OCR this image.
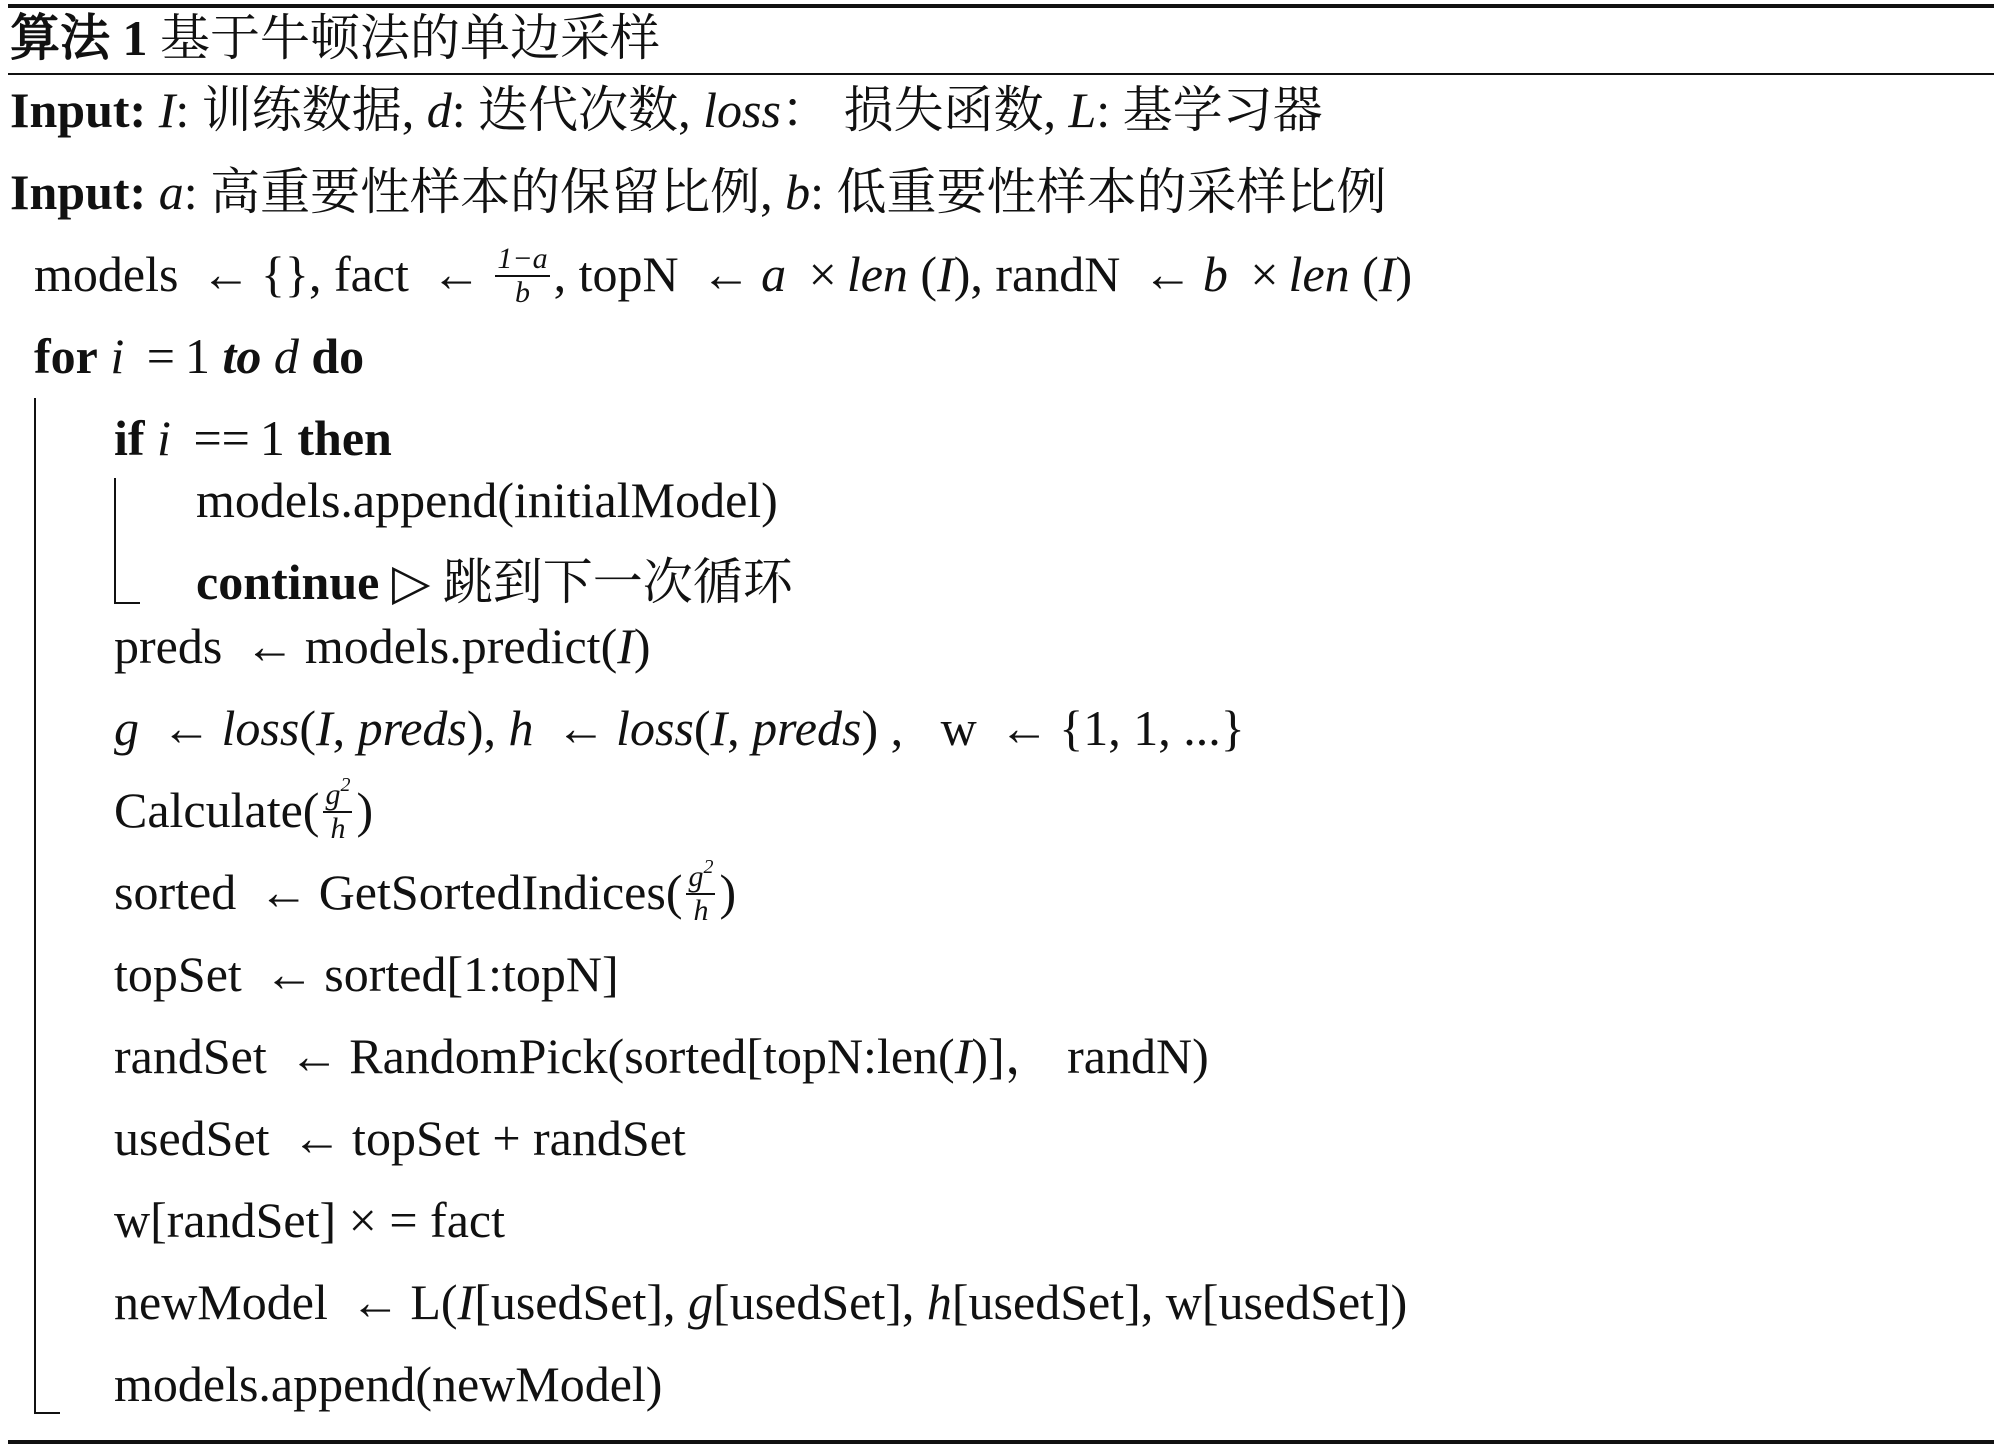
算法 1 基于牛顿法的单边采样
Input: I: 训练数据, d: 迭代次数, loss： 损失函数, L: 基学习器
Input: a: 高重要性样本的保留比例, b: 低重要性样本的采样比例
models ← {}, fact ← $\frac{1-a}{b}$ , topN ← a × len (I), randN ← b × len (I)
for i = 1 to d do
if i == 1 then
models.append(initialModel)
continue ▷ 跳到下一次循环
preds ← models.predict(I)
g ← loss(I, preds), h ← loss(I, preds) ,   w ← {1, 1, ...}
Calculate( $\frac{g^2}{h}$ )
sorted ← GetSortedIndices( $\frac{g^2}{h}$ )
topSet ← sorted[1:topN]
randSet ← RandomPick(sorted[topN:len(I)]， randN)
usedSet ← topSet + randSet
w[randSet] × = fact
newModel ← L(I[usedSet], g[usedSet], h[usedSet], w[usedSet])
models.append(newModel)
